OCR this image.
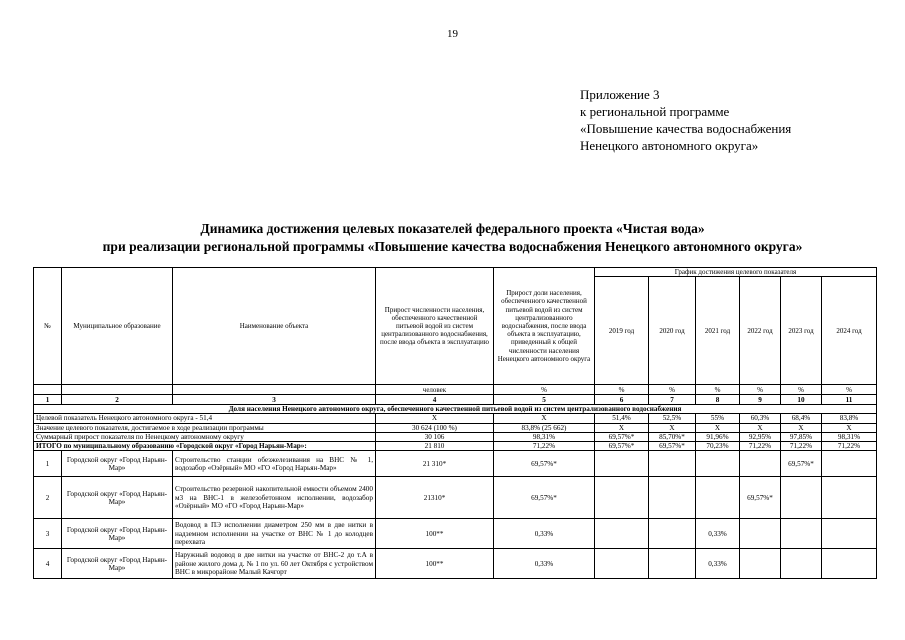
19
Приложение 3
к региональной программе
«Повышение качества водоснабжения
Ненецкого автономного округа»
Динамика достижения целевых показателей федерального проекта «Чистая вода»
при реализации региональной программы «Повышение качества водоснабжения Ненецкого автономного округа»
№	Муниципальное образование	Наименование объекта	Прирост численности населения, обеспеченного качественной питьевой водой из систем централизованного водоснабжения, после ввода объекта в эксплуатацию	Прирост доли населения, обеспеченного качественной питьевой водой из систем централизованного водоснабжения, после ввода объекта в эксплуатацию, приведенный к общей численности населения Ненецкого автономного округа	График достижения целевого показателя					
					2019 год	2020 год	2021 год	2022 год	2023 год	2024 год
			человек	%	%	%	%	%	%	%
1	2	3	4	5	6	7	8	9	10	11
Доля населения Ненецкого автономного округа, обеспеченного качественной питьевой водой из систем централизованного водоснабжения										
Целевой показатель Ненецкого автономного округа - 51,4			X	X	51,4%	52,5%	55%	60,3%	68,4%	83,8%
Значение целевого показателя, достигаемое в ходе реализации программы			30 624 (100 %)	83,8% (25 662)	X	X	X	X	X	X
Суммарный прирост показателя по Ненецкому автономному округу			30 106	98,31%	69,57%*	85,70%*	91,96%	92,95%	97,85%	98,31%
ИТОГО по муниципальному образованию «Городской округ «Город Нарьян-Мар»:			21 810	71,22%	69,57%*	69,57%*	70,23%	71,22%	71,22%	71,22%
1	Городской округ «Город Нарьян-Мар»	Строительство станции обезжелезивания на ВНС № 1, водозабор «Озёрный» МО «ГО «Город Нарьян-Мар»	21 310*	69,57%*					69,57%*	
2	Городской округ «Город Нарьян-Мар»	Строительство резервной накопительной емкости объемом 2400 м3 на ВНС-1 в железобетонном исполнении, водозабор «Озёрный» МО «ГО «Город Нарьян-Мар»	21310*	69,57%*				69,57%*		
3	Городской округ «Город Нарьян-Мар»	Водовод в ПЭ исполнении диаметром 250 мм в две нитки в надземном исполнении на участке от ВНС № 1 до колодцев перехвата	100**	0,33%			0,33%			
4	Городской округ «Город Нарьян-Мар»	Наружный водовод в две нитки на участке от ВНС-2 до т.А в районе жилого дома д. № 1 по ул. 60 лет Октября с устройством ВНС в микрорайоне Малый Качгорт	100**	0,33%			0,33%			
